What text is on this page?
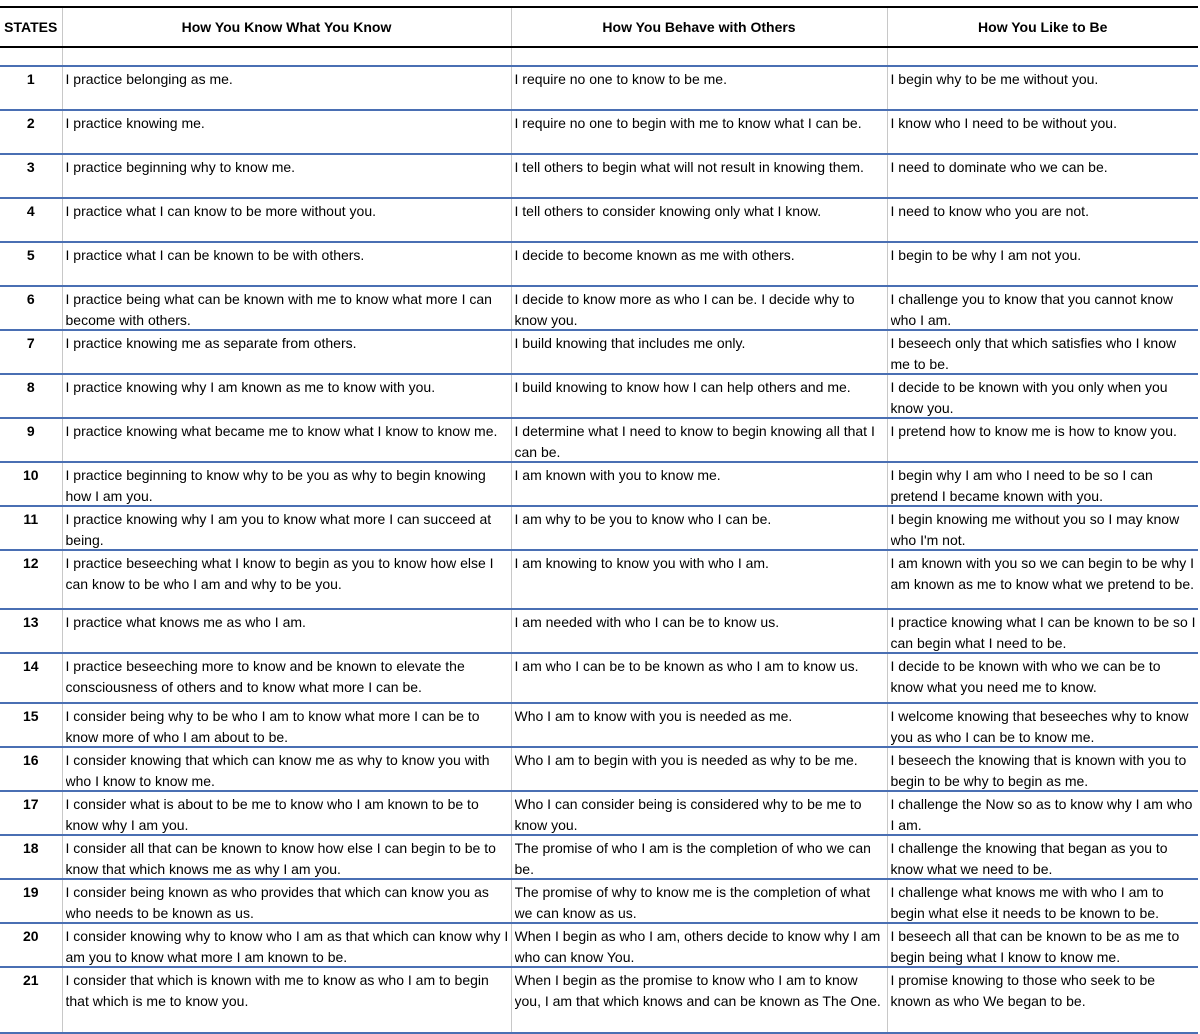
STATES	How You Know What You Know	How You Behave with Others	How You Like to Be

1	I practice belonging as me.	I require no one to know to be me.	I begin why to be me without you.

2	I practice knowing me.	I require no one to begin with me to know what I can be.	I know who I need to be without you.

3	I practice beginning why to know me.	I tell others to begin what will not result in knowing them.	I need to dominate who we can be.

4	I practice what I can know to be more without you.	I tell others to consider knowing only what I know.	I need to know who you are not.

5	I practice what I can be known to be with others.	I decide to become known as me with others.	I begin to be why I am not you.

6	I practice being what can be known with me to know what more I can become with others.	I decide to know more as who I can be. I decide why to know you.	I challenge you to know that you cannot know who I am.

7	I practice knowing me as separate from others.	I build knowing that includes me only.	I beseech only that which satisfies who I know me to be.

8	I practice knowing why I am known as me to know with you.	I build knowing to know how I can help others and me.	I decide to be known with you only when you know you.

9	I practice knowing what became me to know what I know to know me.	I determine what I need to know to begin knowing all that I can be.	I pretend how to know me is how to know you.

10	I practice beginning to know why to be you as why to begin knowing how I am you.	I am known with you to know me.	I begin why I am who I need to be so I can pretend I became known with you.

11	I practice knowing why I am you to know what more I can succeed at being.	I am why to be you to know who I can be.	I begin knowing me without you so I may know who I'm not.

12	I practice beseeching what I know to begin as you to know how else I can know to be who I am and why to be you.	I am knowing to know you with who I am.	I am known with you so we can begin to be why I am known as me to know what we pretend to be.

13	I practice what knows me as who I am.	I am needed with who I can be to know us.	I practice knowing what I can be known to be so I can begin what I need to be.

14	I practice beseeching more to know and be known to elevate the consciousness of others and to know what more I can be.	I am who I can be to be known as who I am to know us.	I decide to be known with who we can be to know what you need me to know.

15	I consider being why to be who I am to know what more I can be to know more of who I am about to be.	Who I am to know with you is needed as me.	I welcome knowing that beseeches why to know you as who I can be to know me.

16	I consider knowing that which can know me as why to know you with who I know to know me.	Who I am to begin with you is needed as why to be me.	I beseech the knowing that is known with you to begin to be why to begin as me.

17	I consider what is about to be me to know who I am known to be to know why I am you.	Who I can consider being is considered why to be me to know you.	I challenge the Now so as to know why I am who I am.

18	I consider all that can be known to know how else I can begin to be to know that which knows me as why I am you.	The promise of who I am is the completion of who we can be.	I challenge the knowing that began as you to know what we need to be.

19	I consider being known as who provides that which can know you as who needs to be known as us.	The promise of why to know me is the completion of what we can know as us.	I challenge what knows me with who I am to begin what else it needs to be known to be.

20	I consider knowing why to know who I am as that which can know why I am you to know what more I am known to be.	When I begin as who I am, others decide to know why I am who can know You.	I beseech all that can be known to be as me to begin being what I know to know me.

21	I consider that which is known with me to know as who I am to begin that which is me to know you.	When I begin as the promise to know who I am to know you, I am that which knows and can be known as The One.	I promise knowing to those who seek to be known as who We began to be.
